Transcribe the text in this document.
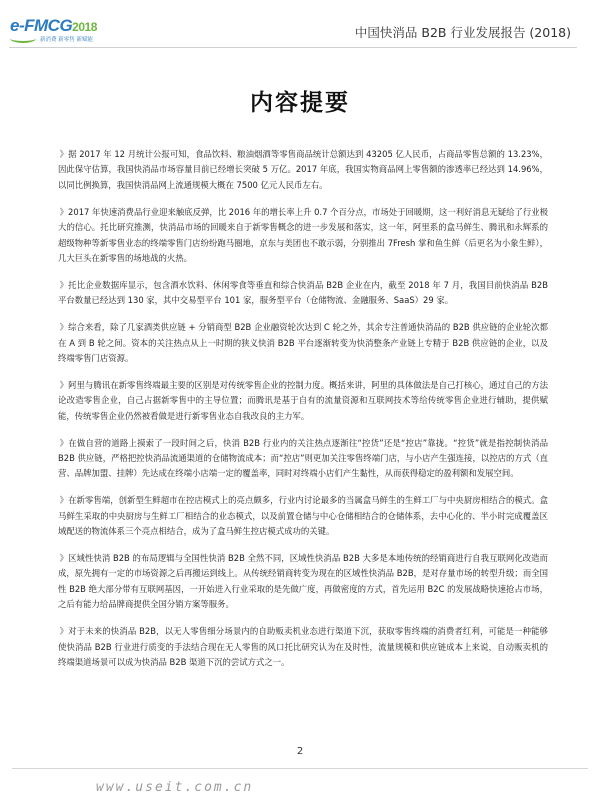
e-FMCG2018
新消费 新零售 新赋能	中国快消品 B2B 行业发展报告 (2018)
内容提要

》据 2017 年 12 月统计公报可知，食品饮料、粮油烟酒等零售商品统计总额达到 43205 亿人民币，占商品零售总额的 13.23%，因此保守估算，我国快消品市场容量目前已经增长突破 5 万亿。2017 年底，我国实物商品网上零售额的渗透率已经达到 14.96%，以同比例换算，我国快消品网上流通规模大概在 7500 亿元人民币左右。

》2017 年快速消费品行业迎来触底反弹，比 2016 年的增长率上升 0.7 个百分点，市场处于回暖期，这一利好消息无疑给了行业极大的信心。托比研究推测，快消品市场的回暖来自于新零售概念的进一步发展和落实，这一年，阿里系的盒马鲜生、腾讯和永辉系的超级物种等新零售业态的终端零售门店纷纷跑马圈地，京东与美团也不敢示弱，分别推出 7Fresh 掌和鱼生鲜（后更名为小象生鲜），几大巨头在新零售的场地战的火热。

》托比企业数据库显示，包含酒水饮料、休闲零食等垂直和综合快消品 B2B 企业在内，截至 2018 年 7 月，我国目前快消品 B2B 平台数量已经达到 130 家，其中交易型平台 101 家，服务型平台（仓储物流、金融服务、SaaS）29 家。

》综合来看，除了几家酒类供应链 + 分销商型 B2B 企业融资轮次达到 C 轮之外，其余专注普通快消品的 B2B 供应链的企业轮次都在 A 到 B 轮之间。资本的关注热点从上一时期的狭义快消 B2B 平台逐渐转变为快消整条产业链上专精于 B2B 供应链的企业，以及终端零售门店资源。

》阿里与腾讯在新零售终端最主要的区别是对传统零售企业的控制力度。概括来讲，阿里的具体做法是自己打核心，通过自己的方法论改造零售企业，自己占据新零售中的主导位置；而腾讯是基于自有的流量资源和互联网技术等给传统零售企业进行辅助，提供赋能，传统零售企业仍然被看做是进行新零售业态自我改良的主力军。

》在做自营的道路上摸索了一段时间之后，快消 B2B 行业内的关注热点逐渐往“控货”还是“控店”靠拢。“控货”就是指控制快消品 B2B 供应链，严格把控快消品流通渠道的仓储物流成本；而“控店”则更加关注零售终端门店，与小店产生强连接，以控店的方式（直营、品牌加盟、挂牌）先达成在终端小店端一定的覆盖率，同时对终端小店们产生黏性，从而获得稳定的盈利额和发展空间。

》在新零售端，创新型生鲜超市在控店模式上的亮点颇多，行业内讨论最多的当属盒马鲜生的生鲜工厂与中央厨房相结合的模式。盒马鲜生采取的中央厨房与生鲜工厂相结合的业态模式，以及前置仓储与中心仓储相结合的仓储体系，去中心化的、半小时完成覆盖区域配送的物流体系三个亮点相结合，成为了盒马鲜生控店模式成功的关键。

》区域性快消 B2B 的布局逻辑与全国性快消 B2B 全然不同，区域性快消品 B2B 大多是本地传统的经销商进行自我互联网化改造而成，原先拥有一定的市场资源之后再搬运到线上。从传统经销商转变为现在的区域性快消品 B2B，是对存量市场的转型升级；而全国性 B2B 绝大部分带有互联网基因，一开始进入行业采取的是先做广度，再做密度的方式，首先运用 B2C 的发展战略快速抢占市场，之后有能力给品牌商提供全国分销方案等服务。

》对于未来的快消品 B2B，以无人零售细分场景内的自助贩卖机业态进行渠道下沉，获取零售终端的消费者红利，可能是一种能够使快消品 B2B 行业进行质变的手法结合现在无人零售的风口托比研究认为在及时性，流量规模和供应链成本上来说，自动贩卖机的终端渠道场景可以成为快消品 B2B 渠道下沉的尝试方式之一。

2
www.useit.com.cn
